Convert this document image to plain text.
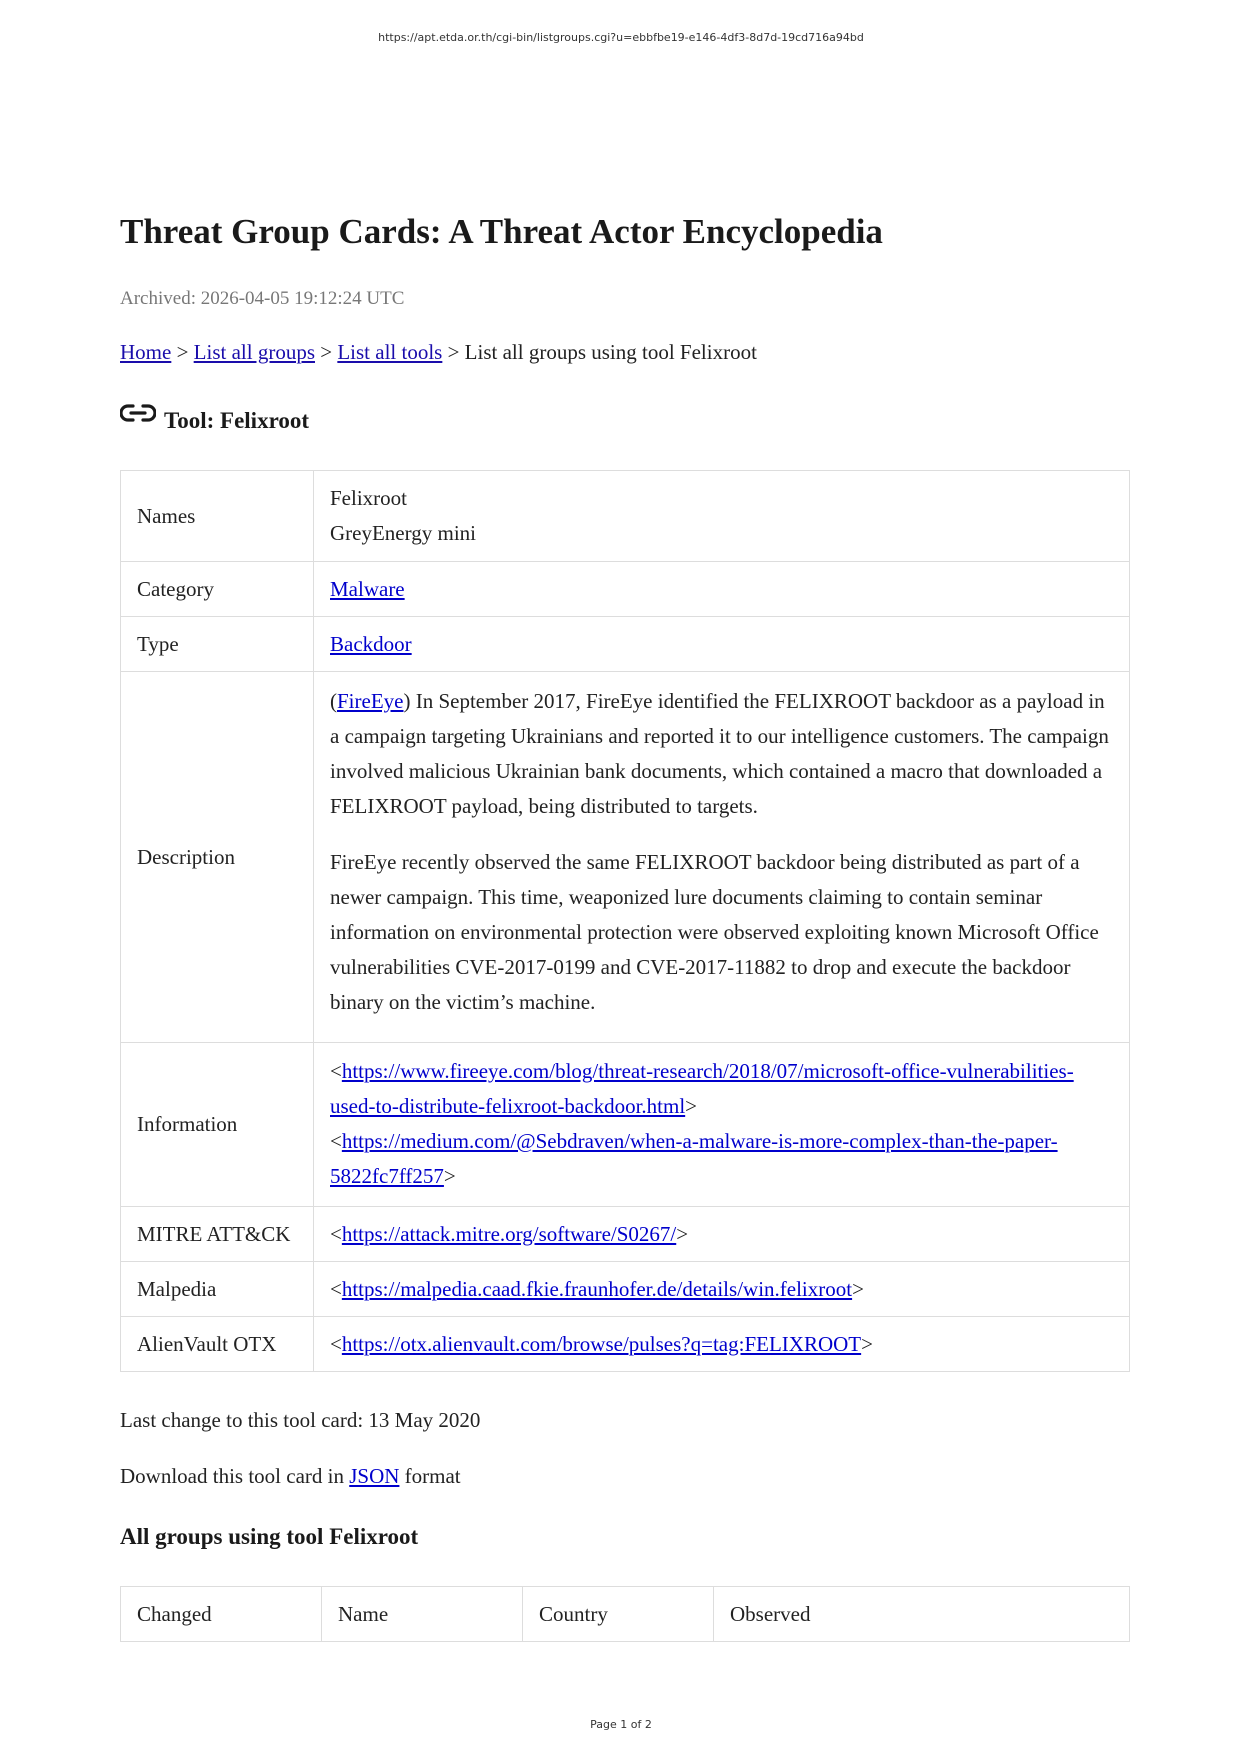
https://apt.etda.or.th/cgi-bin/listgroups.cgi?u=ebbfbe19-e146-4df3-8d7d-19cd716a94bd
Threat Group Cards: A Threat Actor Encyclopedia
Archived: 2026-04-05 19:12:24 UTC
Home > List all groups > List all tools > List all groups using tool Felixroot
Tool: Felixroot
Names	Felixroot
GreyEnergy mini

Category	Malware
Type	Backdoor
Description	(FireEye) In September 2017, FireEye identified the FELIXROOT backdoor as a payload in a campaign targeting Ukrainians and reported it to our intelligence customers. The campaign involved malicious Ukrainian bank documents, which contained a macro that downloaded a FELIXROOT payload, being distributed to targets.

FireEye recently observed the same FELIXROOT backdoor being distributed as part of a newer campaign. This time, weaponized lure documents claiming to contain seminar information on environmental protection were observed exploiting known Microsoft Office vulnerabilities CVE-2017-0199 and CVE-2017-11882 to drop and execute the backdoor binary on the victim’s machine.

Information	<https://www.fireeye.com/blog/threat-research/2018/07/microsoft-office-vulnerabilities-used-to-distribute-felixroot-backdoor.html>
<https://medium.com/@Sebdraven/when-a-malware-is-more-complex-than-the-paper-5822fc7ff257>

MITRE ATT&CK	<https://attack.mitre.org/software/S0267/>
Malpedia	<https://malpedia.caad.fkie.fraunhofer.de/details/win.felixroot>
AlienVault OTX	<https://otx.alienvault.com/browse/pulses?q=tag:FELIXROOT>
Last change to this tool card: 13 May 2020
Download this tool card in JSON format
All groups using tool Felixroot
Changed	Name	Country	Observed
Page 1 of 2
